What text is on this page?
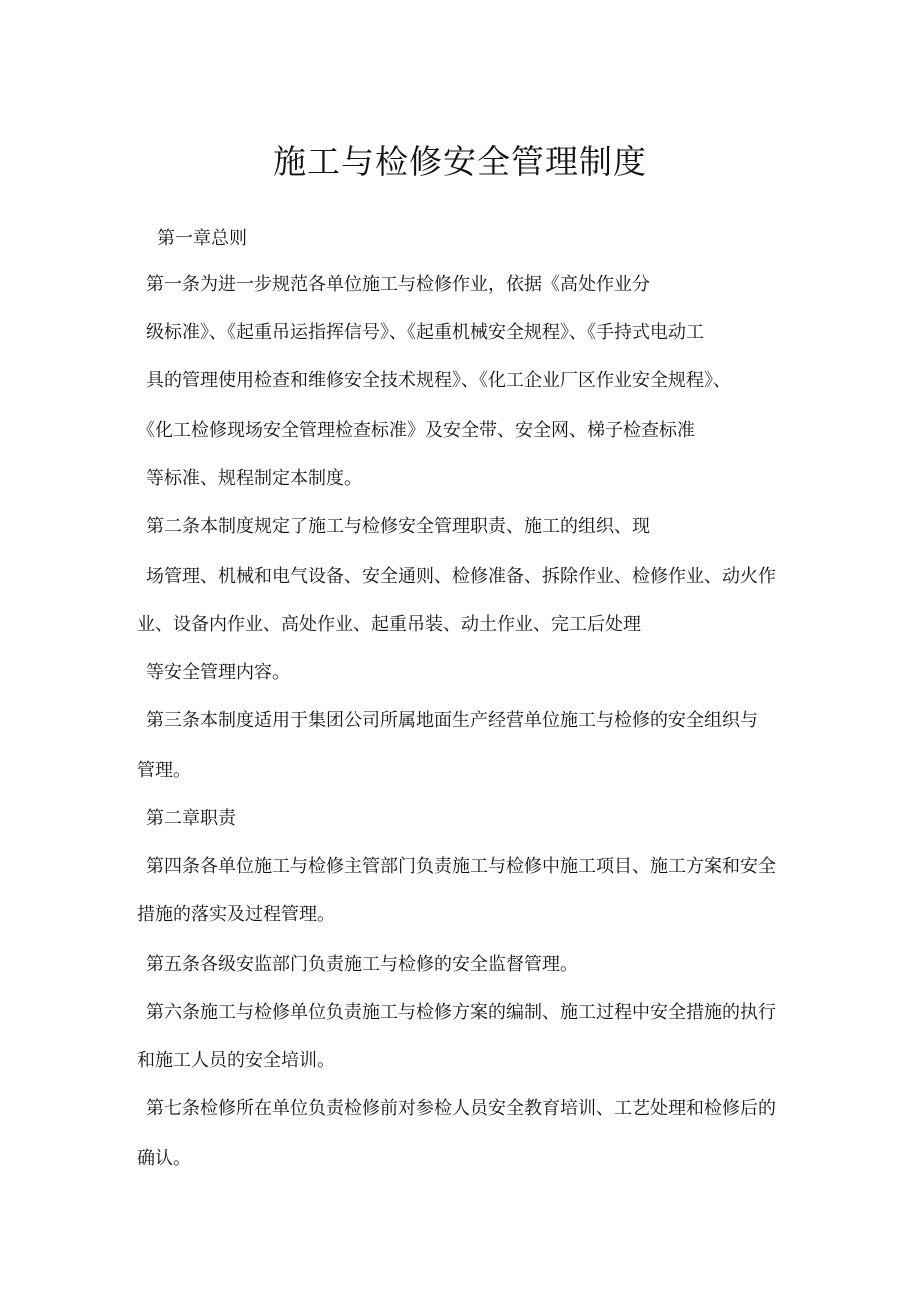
施工与检修安全管理制度

第一章总则

第一条为进一步规范各单位施工与检修作业，依据《高处作业分

级标准》、《起重吊运指挥信号》、《起重机械安全规程》、《手持式电动工

具的管理使用检查和维修安全技术规程》、《化工企业厂区作业安全规程》、

《化工检修现场安全管理检查标准》及安全带、安全网、梯子检查标准

等标准、规程制定本制度。

第二条本制度规定了施工与检修安全管理职责、施工的组织、现

场管理、机械和电气设备、安全通则、检修准备、拆除作业、检修作业、动火作

业、设备内作业、高处作业、起重吊装、动土作业、完工后处理

等安全管理内容。

第三条本制度适用于集团公司所属地面生产经营单位施工与检修的安全组织与

管理。

第二章职责

第四条各单位施工与检修主管部门负责施工与检修中施工项目、施工方案和安全

措施的落实及过程管理。

第五条各级安监部门负责施工与检修的安全监督管理。

第六条施工与检修单位负责施工与检修方案的编制、施工过程中安全措施的执行

和施工人员的安全培训。

第七条检修所在单位负责检修前对参检人员安全教育培训、工艺处理和检修后的

确认。
